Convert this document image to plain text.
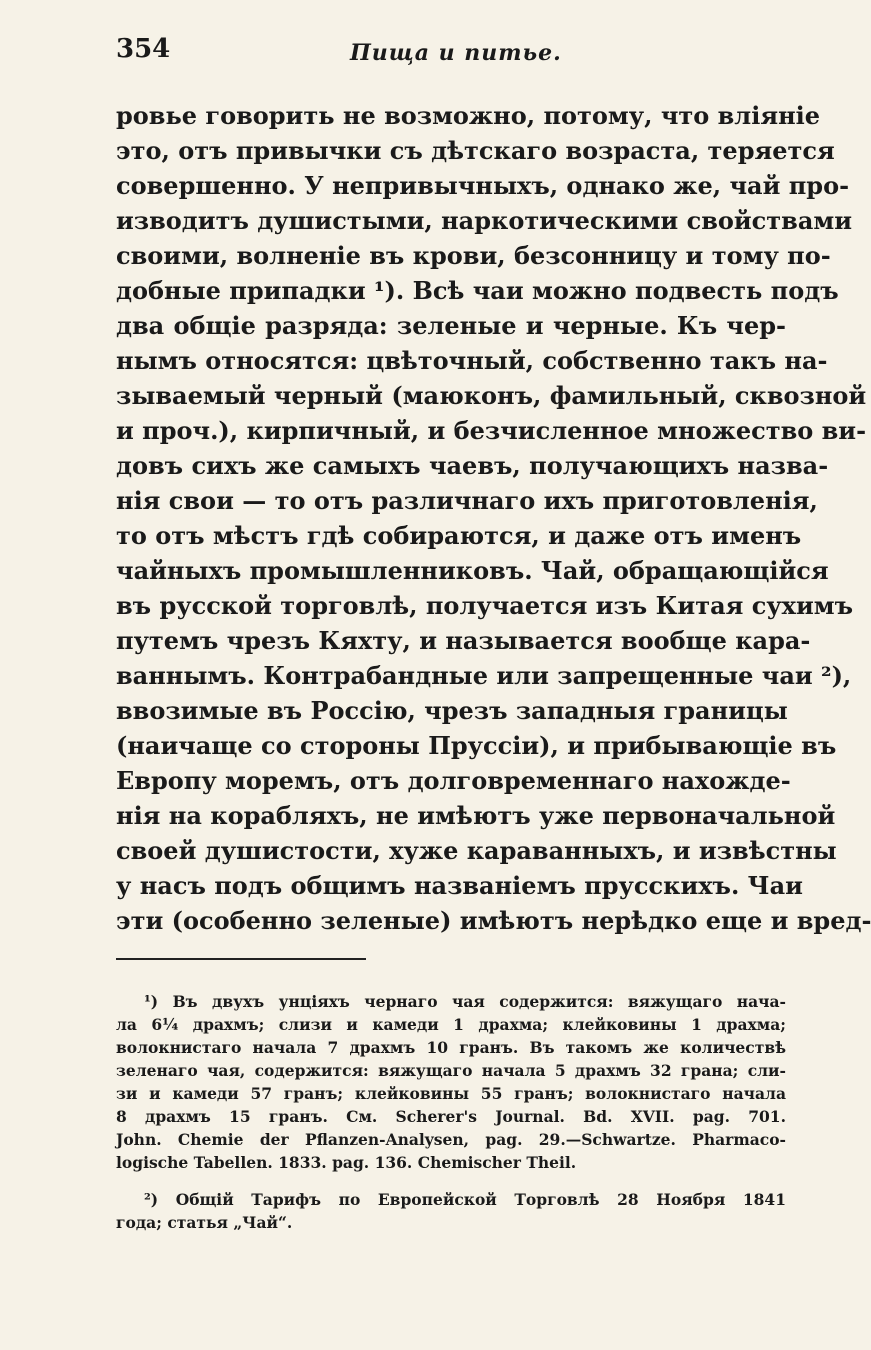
354	Пища и питье.
ровье говорить не возможно, потому, что вліяніе
это, отъ привычки съ дѣтскаго возраста, теряется
совершенно. У непривычныхъ, однако же, чай про-
изводитъ душистыми, наркотическими свойствами
своими, волненіе въ крови, безсонницу и тому по-
добные припадки ¹). Всѣ чаи можно подвесть подъ
два общіе разряда: зеленые и черные. Къ чер-
нымъ относятся: цвѣточный, собственно такъ на-
зываемый черный (маюконъ, фамильный, сквозной
и проч.), кирпичный, и безчисленное множество ви-
довъ сихъ же самыхъ чаевъ, получающихъ назва-
нія свои — то отъ различнаго ихъ приготовленія,
то отъ мѣстъ гдѣ собираются, и даже отъ именъ
чайныхъ промышленниковъ. Чай, обращающійся
въ русской торговлѣ, получается изъ Китая сухимъ
путемъ чрезъ Кяхту, и называется вообще кара-
ваннымъ. Контрабандные или запрещенные чаи ²),
ввозимые въ Россію, чрезъ западныя границы
(наичаще со стороны Пруссіи), и прибывающіе въ
Европу моремъ, отъ долговременнаго нахожде-
нія на корабляхъ, не имѣютъ уже первоначальной
своей душистости, хуже караванныхъ, и извѣстны
у насъ подъ общимъ названіемъ прусскихъ. Чаи
эти (особенно зеленые) имѣютъ нерѣдко еще и вред-
¹) Въ двухъ унціяхъ чернаго чая содержится: вяжущаго нача-
ла 6¼ драхмъ; слизи и камеди 1 драхма; клейковины 1 драхма;
волокнистаго начала 7 драхмъ 10 гранъ. Въ такомъ же количествѣ
зеленаго чая, содержится: вяжущаго начала 5 драхмъ 32 грана; сли-
зи и камеди 57 гранъ; клейковины 55 гранъ; волокнистаго начала
8 драхмъ 15 гранъ. См. Scherer's Journal. Bd. XVII. pag. 701.
John. Chemie der Pflanzen-Analysen, pag. 29.—Schwartze. Pharmaco-
logische Tabellen. 1833. pag. 136. Chemischer Theil.
²) Общій Тарифъ по Европейской Торговлѣ 28 Ноября 1841
года; статья „Чай“.
